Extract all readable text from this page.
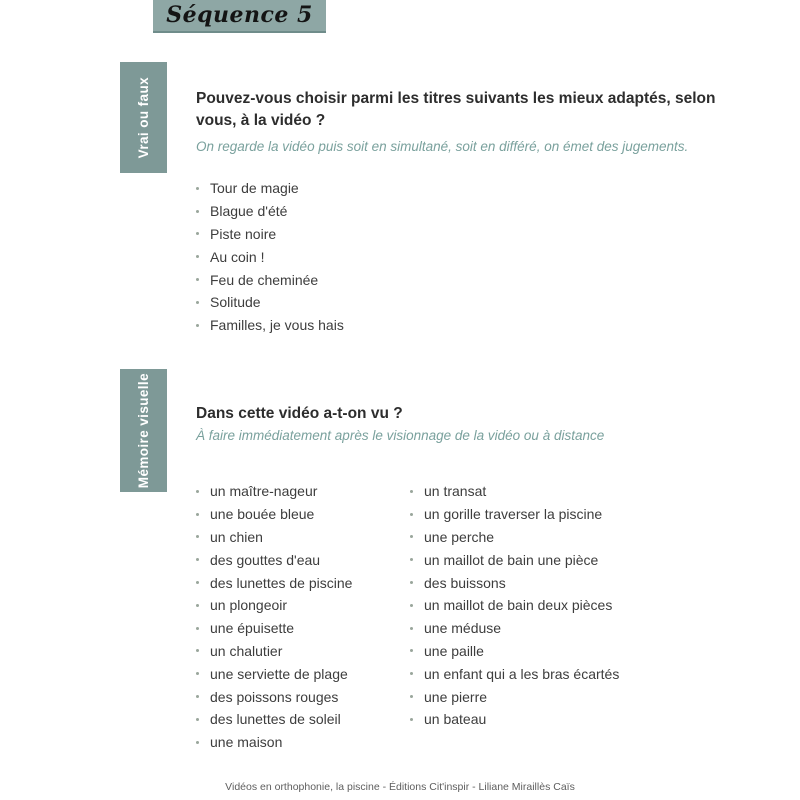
Séquence 5
Vrai ou faux	Pouvez-vous choisir parmi les titres suivants les mieux adaptés, selon vous, à la vidéo ?
On regarde la vidéo puis soit en simultané, soit en différé, on émet des jugements.
Tour de magie
Blague d'été
Piste noire
Au coin !
Feu de cheminée
Solitude
Familles, je vous hais
Mémoire visuelle	Dans cette vidéo a-t-on vu ?
À faire immédiatement après le visionnage de la vidéo ou à distance
un maître-nageur
une bouée bleue
un chien
des gouttes d'eau
des lunettes de piscine
un plongeoir
une épuisette
un chalutier
une serviette de plage
des poissons rouges
des lunettes de soleil
une maison
un transat
un gorille traverser la piscine
une perche
un maillot de bain une pièce
des buissons
un maillot de bain deux pièces
une méduse
une paille
un enfant qui a les bras écartés
une pierre
un bateau
Vidéos en orthophonie, la piscine - Éditions Cit'inspir - Liliane Miraillès Caïs
